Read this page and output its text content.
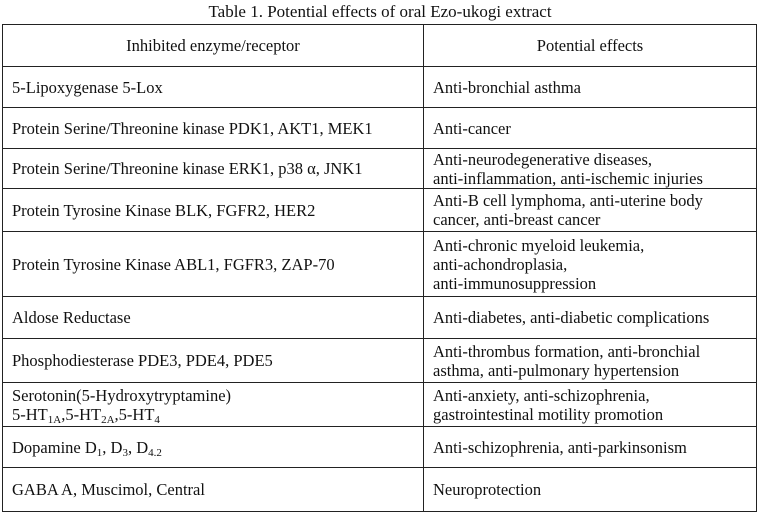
Table 1. Potential effects of oral Ezo-ukogi extract
Inhibited enzyme/receptor	Potential effects

5-Lipoxygenase 5-Lox	Anti-bronchial asthma

Protein Serine/Threonine kinase PDK1, AKT1, MEK1	Anti-cancer

Protein Serine/Threonine kinase ERK1, p38 α, JNK1	Anti-neurodegenerative diseases,
anti-inflammation, anti-ischemic injuries

Protein Tyrosine Kinase BLK, FGFR2, HER2	Anti-B cell lymphoma, anti-uterine body
cancer, anti-breast cancer

Protein Tyrosine Kinase ABL1, FGFR3, ZAP-70	Anti-chronic myeloid leukemia,
anti-achondroplasia,
anti-immunosuppression

Aldose Reductase	Anti-diabetes, anti-diabetic complications

Phosphodiesterase PDE3, PDE4, PDE5	Anti-thrombus formation, anti-bronchial
asthma, anti-pulmonary hypertension

Serotonin(5-Hydroxytryptamine)
$5-HT_{1A},5-HT_{2A},5-HT_4$	Anti-anxiety, anti-schizophrenia,
gastrointestinal motility promotion

Dopamine $D_1$, $D_3$, $D_{4.2}$	Anti-schizophrenia, anti-parkinsonism

GABA A, Muscimol, Central	Neuroprotection
